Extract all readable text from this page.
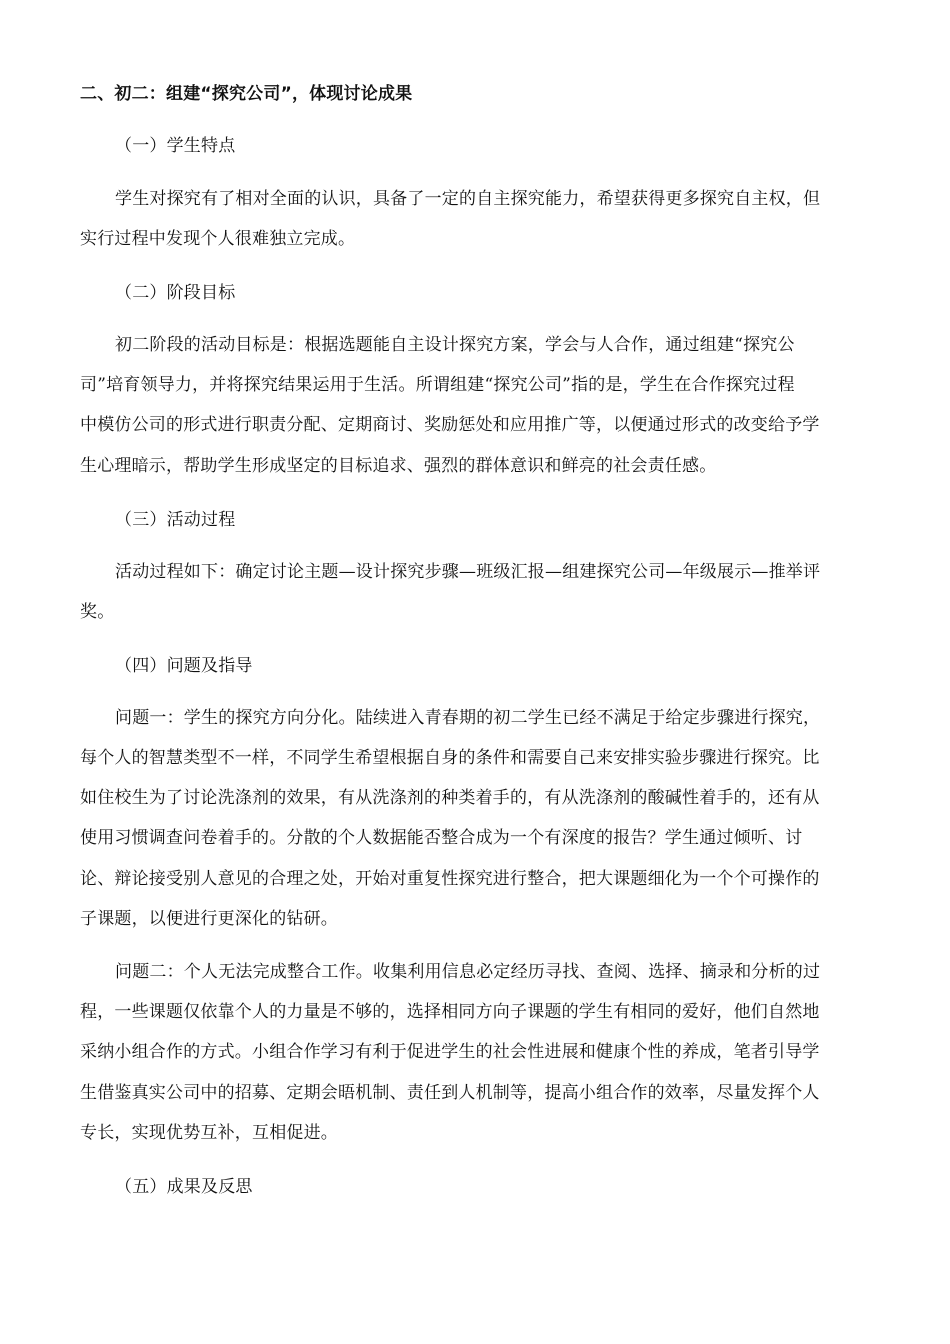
二、初二：组建“探究公司”，体现讨论成果
（一）学生特点
学生对探究有了相对全面的认识，具备了一定的自主探究能力，希望获得更多探究自主权，但
实行过程中发现个人很难独立完成。
（二）阶段目标
初二阶段的活动目标是：根据选题能自主设计探究方案，学会与人合作，通过组建“探究公
司”培育领导力，并将探究结果运用于生活。所谓组建“探究公司”指的是，学生在合作探究过程
中模仿公司的形式进行职责分配、定期商讨、奖励惩处和应用推广等，以便通过形式的改变给予学
生心理暗示，帮助学生形成坚定的目标追求、强烈的群体意识和鲜亮的社会责任感。
（三）活动过程
活动过程如下：确定讨论主题—设计探究步骤—班级汇报—组建探究公司—年级展示—推举评
奖。
（四）问题及指导
问题一：学生的探究方向分化。陆续进入青春期的初二学生已经不满足于给定步骤进行探究，
每个人的智慧类型不一样，不同学生希望根据自身的条件和需要自己来安排实验步骤进行探究。比
如住校生为了讨论洗涤剂的效果，有从洗涤剂的种类着手的，有从洗涤剂的酸碱性着手的，还有从
使用习惯调查问卷着手的。分散的个人数据能否整合成为一个有深度的报告？学生通过倾听、讨
论、辩论接受别人意见的合理之处，开始对重复性探究进行整合，把大课题细化为一个个可操作的
子课题，以便进行更深化的钻研。
问题二：个人无法完成整合工作。收集利用信息必定经历寻找、查阅、选择、摘录和分析的过
程，一些课题仅依靠个人的力量是不够的，选择相同方向子课题的学生有相同的爱好，他们自然地
采纳小组合作的方式。小组合作学习有利于促进学生的社会性进展和健康个性的养成，笔者引导学
生借鉴真实公司中的招募、定期会晤机制、责任到人机制等，提高小组合作的效率，尽量发挥个人
专长，实现优势互补，互相促进。
（五）成果及反思
